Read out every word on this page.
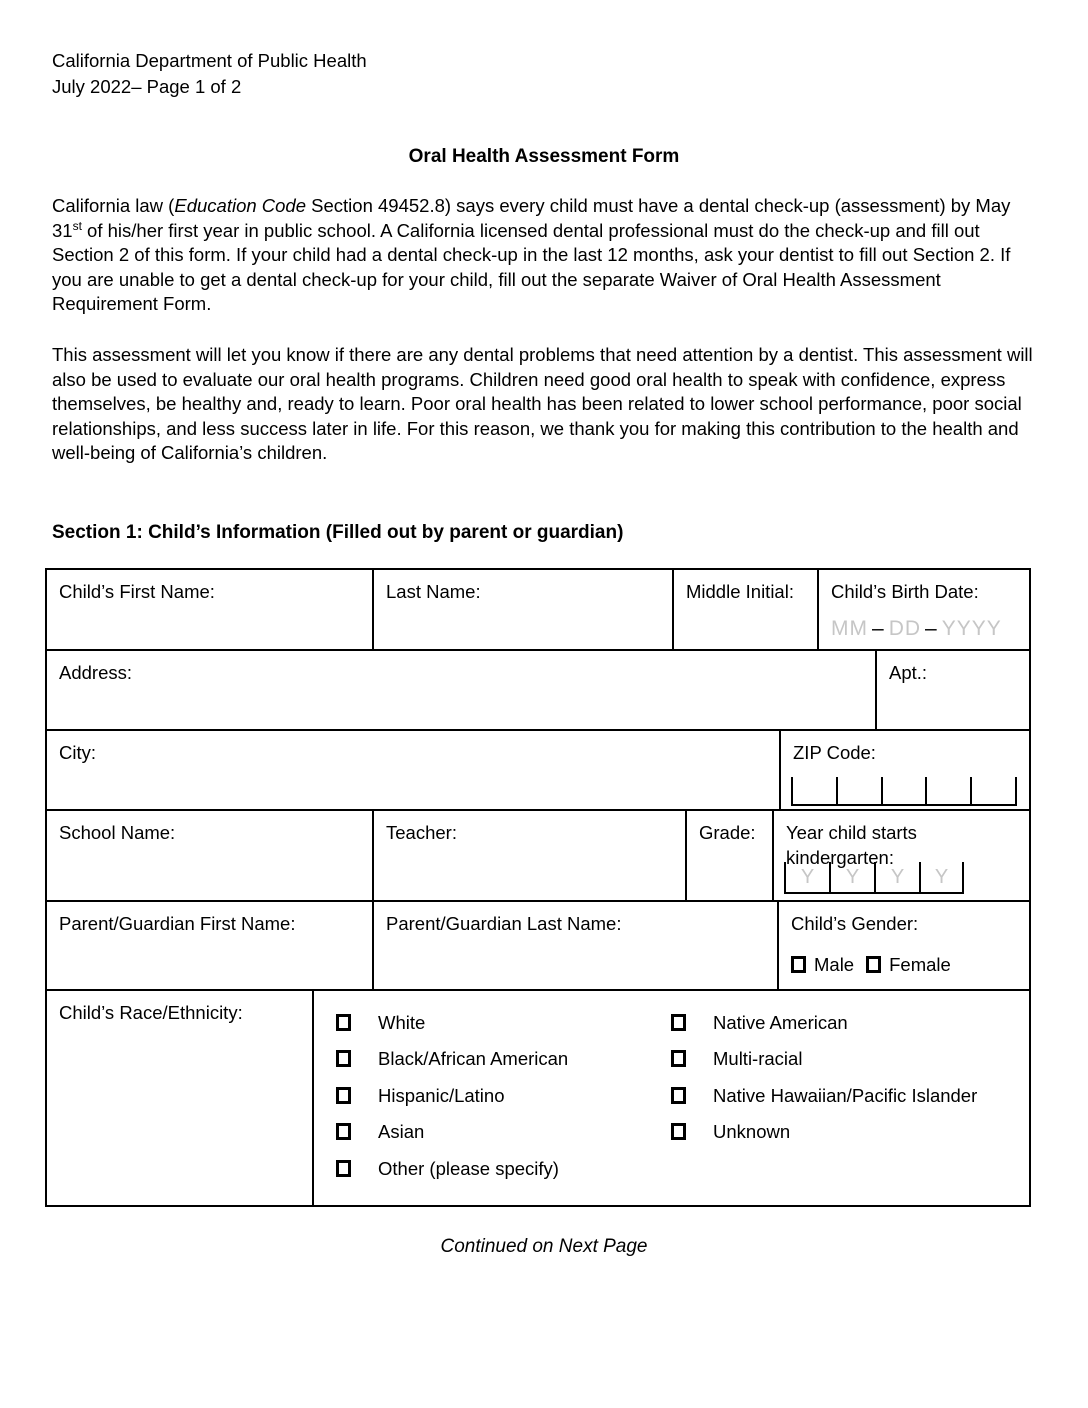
California Department of Public Health
July 2022– Page 1 of 2
Oral Health Assessment Form

California law (Education Code Section 49452.8) says every child must have a dental check-up (assessment) by May 31st of his/her first year in public school. A California licensed dental professional must do the check-up and fill out Section 2 of this form. If your child had a dental check-up in the last 12 months, ask your dentist to fill out Section 2. If you are unable to get a dental check-up for your child, fill out the separate Waiver of Oral Health Assessment Requirement Form.

This assessment will let you know if there are any dental problems that need attention by a dentist. This assessment will also be used to evaluate our oral health programs. Children need good oral health to speak with confidence, express themselves, be healthy and, ready to learn. Poor oral health has been related to lower school performance, poor social relationships, and less success later in life. For this reason, we thank you for making this contribution to the health and well-being of California’s children.

Section 1: Child’s Information (Filled out by parent or guardian)
Child’s First Name:	Last Name:	Middle Initial:	Child’s Birth Date:
MM – DD – YYYY
Address:	Apt.:
City:	ZIP Code:
School Name:	Teacher:	Grade:	Year child starts kindergarten:
Y	Y	Y	Y
Parent/Guardian First Name:	Parent/Guardian Last Name:	Child’s Gender:
Male Female
Child’s Race/Ethnicity:	White
Black/African American
Hispanic/Latino
Asian
Other (please specify)
Native American
Multi-racial
Native Hawaiian/Pacific Islander
Unknown
Continued on Next Page
